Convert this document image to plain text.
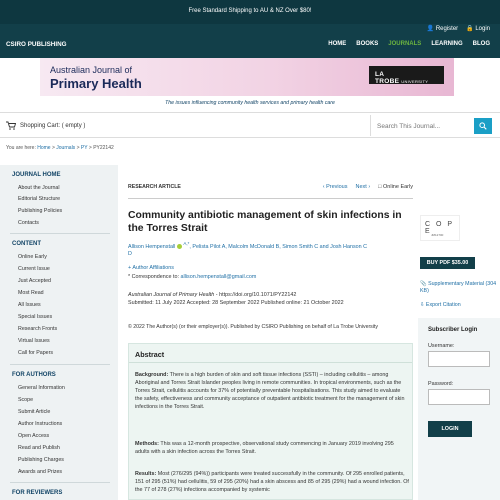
Free Standard Shipping to AU & NZ Over $80!
👤 Register 🔒 Login
CSIRO PUBLISHING	HOME BOOKS JOURNALS LEARNING BLOG
Australian Journal of
Primary Health
LA TROBE UNIVERSITY
The issues influencing community health services and primary health care
Shopping Cart: ( empty )
Search This Journal...
You are here: Home > Journals > PY > PY22142
JOURNAL HOME
About the Journal
Editorial Structure
Publishing Policies
Contacts
CONTENT
Online Early
Current Issue
Just Accepted
Most Read
All Issues
Special Issues
Research Fronts
Virtual Issues
Call for Papers
FOR AUTHORS
General Information
Scope
Submit Article
Author Instructions
Open Access
Read and Publish
Publishing Charges
Awards and Prizes
FOR REVIEWERS
RESEARCH ARTICLE	‹ Previous Next › □ Online Early
Community antibiotic management of skin infections in the Torres Strait
Allison Hempenstall  $^{A,*}$, Pelista Pilot A, Malcolm McDonald B, Simon Smith C and Josh Hanson C
D
+ Author Affiliations
* Correspondence to: allison.hempenstall@gmail.com
Australian Journal of Primary Health - https://doi.org/10.1071/PY22142
Submitted: 11 July 2022 Accepted: 28 September 2022 Published online: 21 October 2022
© 2022 The Author(s) (or their employer(s)). Published by CSIRO Publishing on behalf of La Trobe University
Abstract

Background: There is a high burden of skin and soft tissue infections (SSTI) – including cellulitis – among Aboriginal and Torres Strait Islander peoples living in remote communities. In tropical environments, such as the Torres Strait, cellulitis accounts for 37% of potentially preventable hospitalisations. This study aimed to evaluate the safety, effectiveness and community acceptance of outpatient antibiotic treatment for the management of skin infections in the Torres Strait.

Methods: This was a 12-month prospective, observational study commencing in January 2019 involving 295 adults with a skin infection across the Torres Strait.

Results: Most (276/295 (94%)) participants were treated successfully in the community. Of 295 enrolled patients, 151 of 295 (51%) had cellulitis, 59 of 295 (20%) had a skin abscess and 85 of 295 (29%) had a wound infection. Of the 77 of 278 (27%) infections accompanied by systemic

C O P E JM12700
BUY PDF $35.00
📎 Supplementary Material (304 KB)
⇩ Export Citation
Subscriber Login
Username:
Password:
LOGIN
